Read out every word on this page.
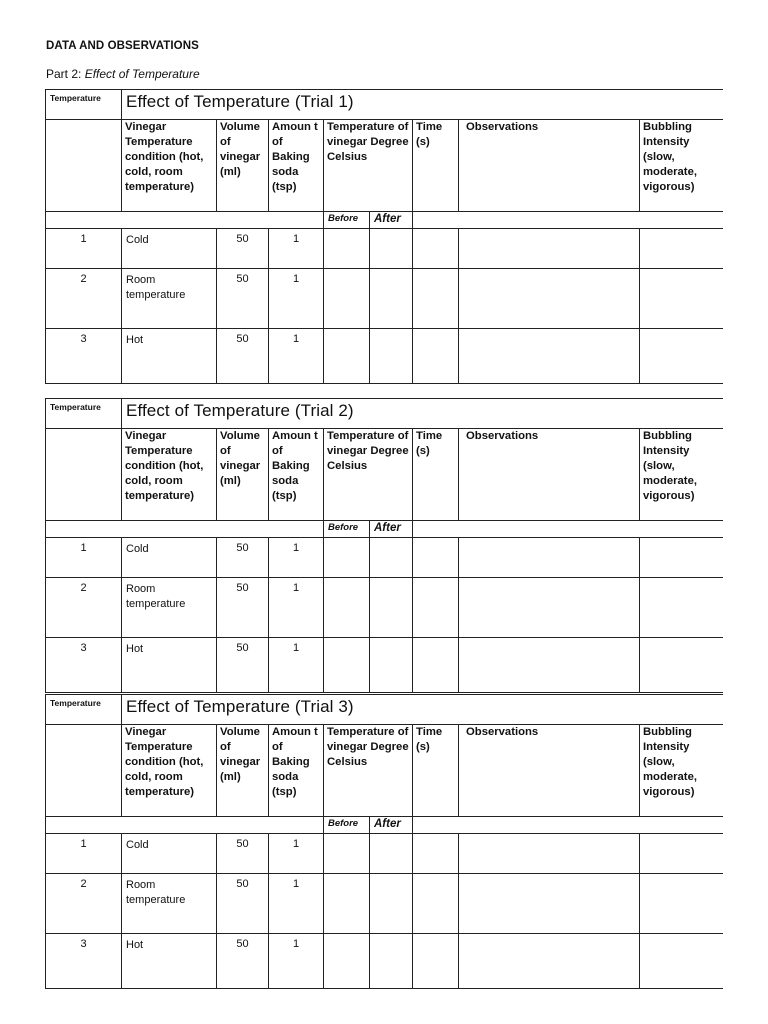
DATA AND OBSERVATIONS
Part 2: Effect of Temperature
Temperature	Effect of Temperature (Trial 1)							
	Vinegar Temperature condition (hot, cold, room temperature)	Volume of vinegar (ml)	Amoun t of Baking soda (tsp)	Temperature of vinegar Degree Celsius		Time (s)	Observations	Bubbling Intensity (slow, moderate, vigorous)
				Before	After			
1	Cold	50	1					
2	Room temperature	50	1					
3	Hot	50	1					
Temperature	Effect of Temperature (Trial 2)							
	Vinegar Temperature condition (hot, cold, room temperature)	Volume of vinegar (ml)	Amoun t of Baking soda (tsp)	Temperature of vinegar Degree Celsius		Time (s)	Observations	Bubbling Intensity (slow, moderate, vigorous)
				Before	After			
1	Cold	50	1					
2	Room temperature	50	1					
3	Hot	50	1					
Temperature	Effect of Temperature (Trial 3)							
	Vinegar Temperature condition (hot, cold, room temperature)	Volume of vinegar (ml)	Amoun t of Baking soda (tsp)	Temperature of vinegar Degree Celsius		Time (s)	Observations	Bubbling Intensity (slow, moderate, vigorous)
				Before	After			
1	Cold	50	1					
2	Room temperature	50	1					
3	Hot	50	1					
